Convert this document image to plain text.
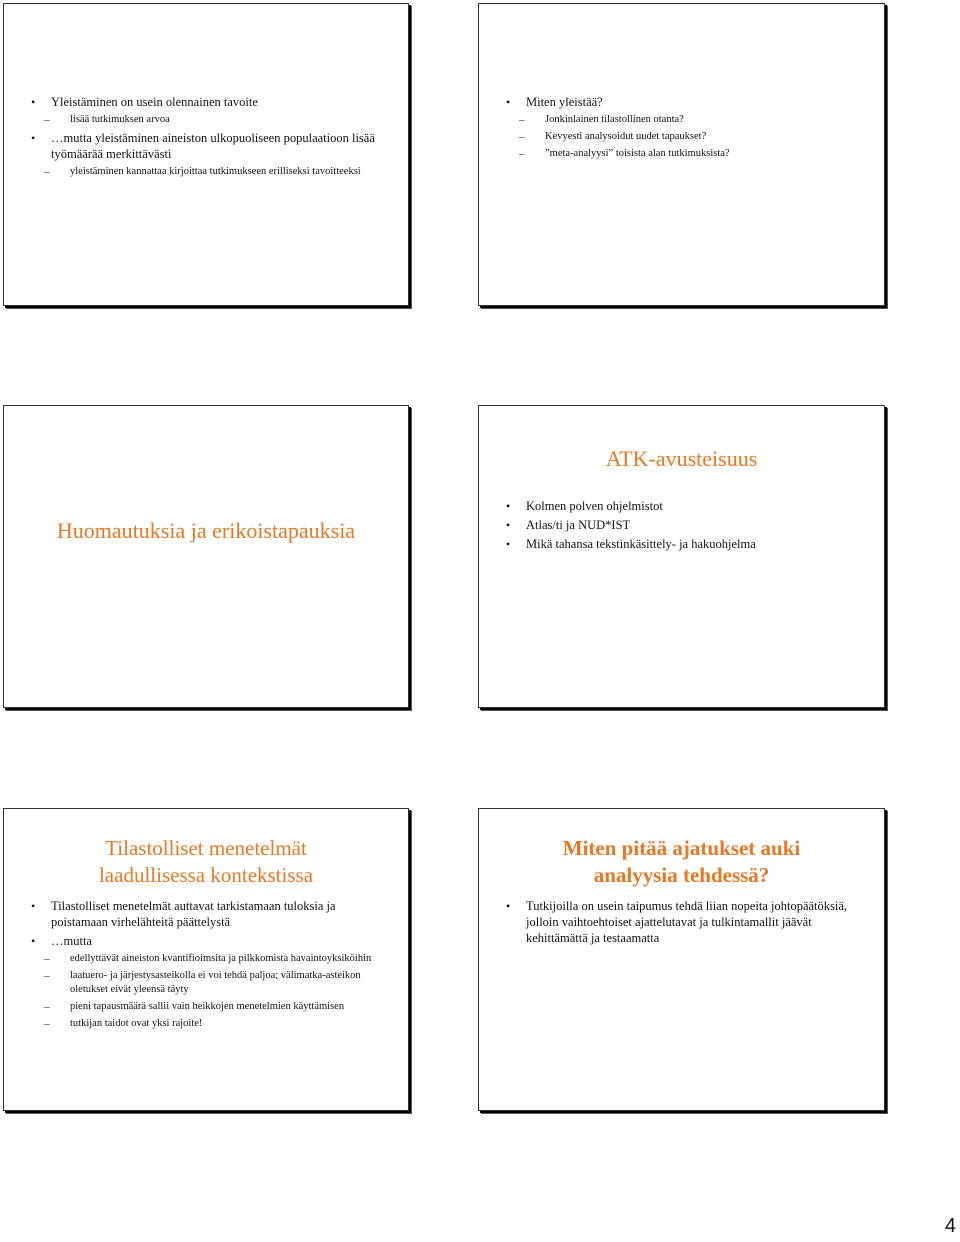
• Yleistäminen on usein olennainen tavoite
– lisää tutkimuksen arvoa
• …mutta yleistäminen aineiston ulkopuoliseen populaatioon lisää työmäärää merkittävästi
– yleistäminen kannattaa kirjoittaa tutkimukseen erilliseksi tavoitteeksi
• Miten yleistää?
– Jonkinlainen tilastollinen otanta?
– Kevyesti analysoidut uudet tapaukset?
– ”meta-analyysi” toisista alan tutkimuksista?
Huomautuksia ja erikoistapauksia
ATK-avusteisuus
• Kolmen polven ohjelmistot
• Atlas/ti ja NUD*IST
• Mikä tahansa tekstinkäsittely- ja hakuohjelma
Tilastolliset menetelmät
laadullisessa kontekstissa
• Tilastolliset menetelmät auttavat tarkistamaan tuloksia ja poistamaan virhelähteitä päättelystä
• …mutta
– edellyttävät aineiston kvantifioimsita ja pilkkomista havaintoyksiköihin
– laatuero- ja järjestysasteikolla ei voi tehdä paljoa; välimatka-asteikon oletukset eivät yleensä täyty
– pieni tapausmäärä sallii vain heikkojen menetelmien käyttämisen
– tutkijan taidot ovat yksi rajoite!
Miten pitää ajatukset auki
analyysia tehdessä?
• Tutkijoilla on usein taipumus tehdä liian nopeita johtopäätöksiä, jolloin vaihtoehtoiset ajattelutavat ja tulkintamallit jäävät kehittämättä ja testaamatta
4
